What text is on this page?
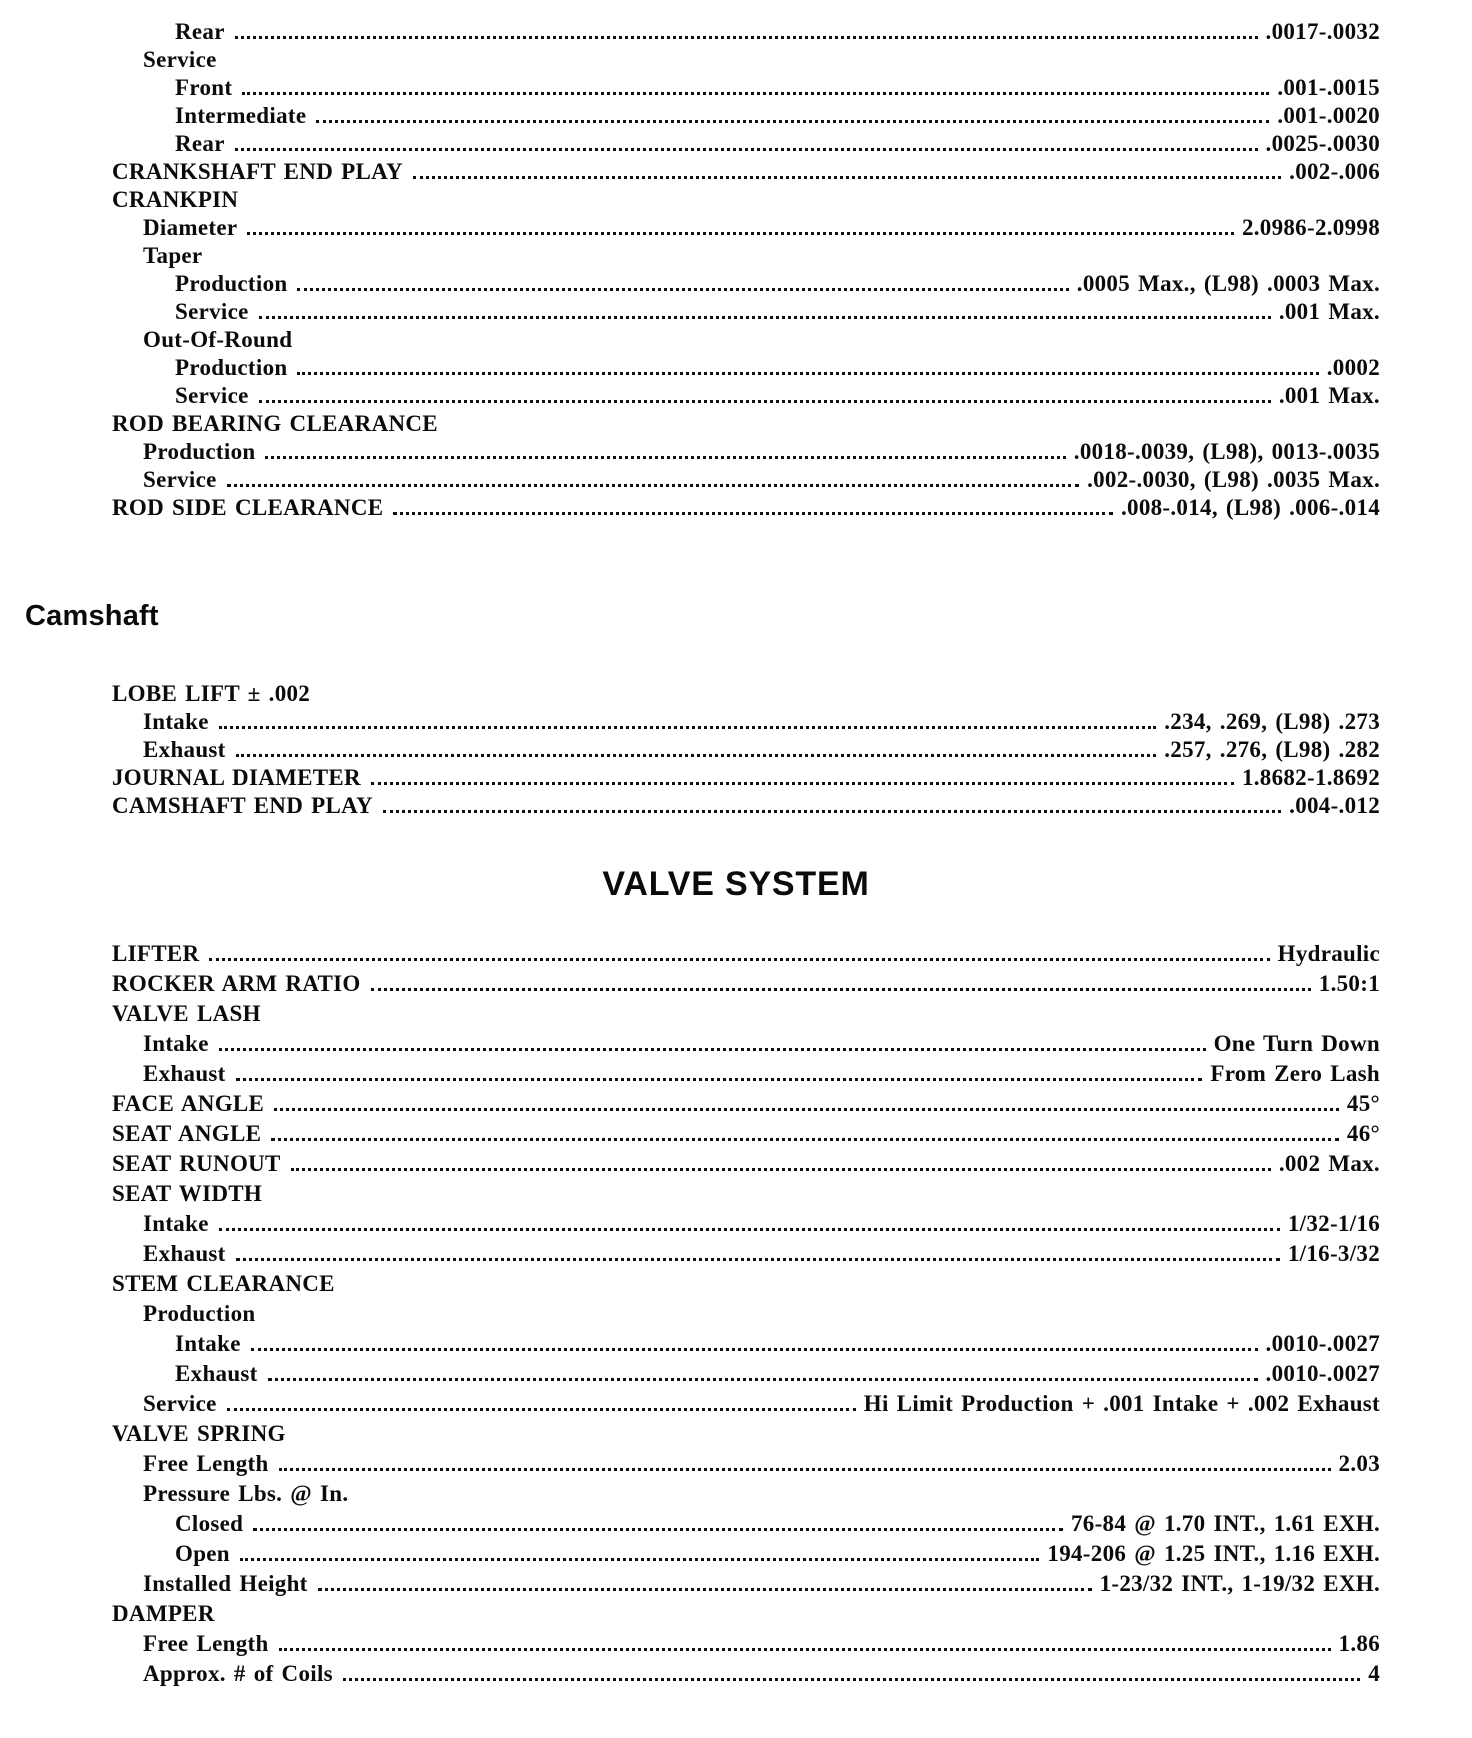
Rear	.0017-.0032
Service
Front	.001-.0015
Intermediate	.001-.0020
Rear	.0025-.0030
CRANKSHAFT END PLAY	.002-.006
CRANKPIN
Diameter	2.0986-2.0998
Taper
Production	.0005 Max., (L98) .0003 Max.
Service	.001 Max.
Out-Of-Round
Production	.0002
Service	.001 Max.
ROD BEARING CLEARANCE
Production	.0018-.0039, (L98), 0013-.0035
Service	.002-.0030, (L98) .0035 Max.
ROD SIDE CLEARANCE	.008-.014, (L98) .006-.014
Camshaft
LOBE LIFT ± .002
Intake	.234, .269, (L98) .273
Exhaust	.257, .276, (L98) .282
JOURNAL DIAMETER	1.8682-1.8692
CAMSHAFT END PLAY	.004-.012
VALVE SYSTEM
LIFTER	Hydraulic
ROCKER ARM RATIO	1.50:1
VALVE LASH
Intake	One Turn Down
Exhaust	From Zero Lash
FACE ANGLE	45°
SEAT ANGLE	46°
SEAT RUNOUT	.002 Max.
SEAT WIDTH
Intake	1/32-1/16
Exhaust	1/16-3/32
STEM CLEARANCE
Production
Intake	.0010-.0027
Exhaust	.0010-.0027
Service	Hi Limit Production + .001 Intake + .002 Exhaust
VALVE SPRING
Free Length	2.03
Pressure Lbs. @ In.
Closed	76-84 @ 1.70 INT., 1.61 EXH.
Open	194-206 @ 1.25 INT., 1.16 EXH.
Installed Height	1-23/32 INT., 1-19/32 EXH.
DAMPER
Free Length	1.86
Approx. # of Coils	4
